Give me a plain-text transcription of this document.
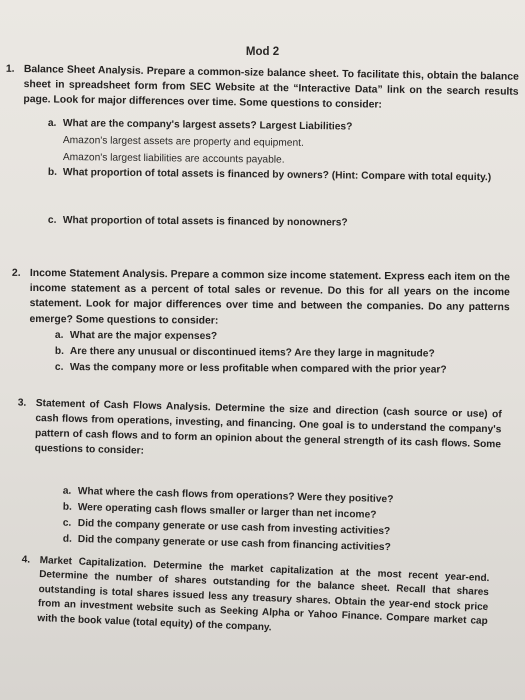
Mod 2
1. Balance Sheet Analysis. Prepare a common-size balance sheet. To facilitate this, obtain the balance sheet in spreadsheet form from SEC Website at the “Interactive Data” link on the search results page. Look for major differences over time. Some questions to consider:
a. What are the company's largest assets? Largest Liabilities?
Amazon's largest assets are property and equipment.
Amazon's largest liabilities are accounts payable.
b. What proportion of total assets is financed by owners? (Hint: Compare with total equity.)
c. What proportion of total assets is financed by nonowners?
2. Income Statement Analysis. Prepare a common size income statement. Express each item on the income statement as a percent of total sales or revenue. Do this for all years on the income statement. Look for major differences over time and between the companies. Do any patterns emerge? Some questions to consider:
a. What are the major expenses?
b. Are there any unusual or discontinued items? Are they large in magnitude?
c. Was the company more or less profitable when compared with the prior year?
3. Statement of Cash Flows Analysis. Determine the size and direction (cash source or use) of cash flows from operations, investing, and financing. One goal is to understand the company's pattern of cash flows and to form an opinion about the general strength of its cash flows. Some questions to consider:
a. What where the cash flows from operations? Were they positive?
b. Were operating cash flows smaller or larger than net income?
c. Did the company generate or use cash from investing activities?
d. Did the company generate or use cash from financing activities?
4. Market Capitalization. Determine the market capitalization at the most recent year-end. Determine the number of shares outstanding for the balance sheet. Recall that shares outstanding is total shares issued less any treasury shares. Obtain the year-end stock price from an investment website such as Seeking Alpha or Yahoo Finance. Compare market cap with the book value (total equity) of the company.
